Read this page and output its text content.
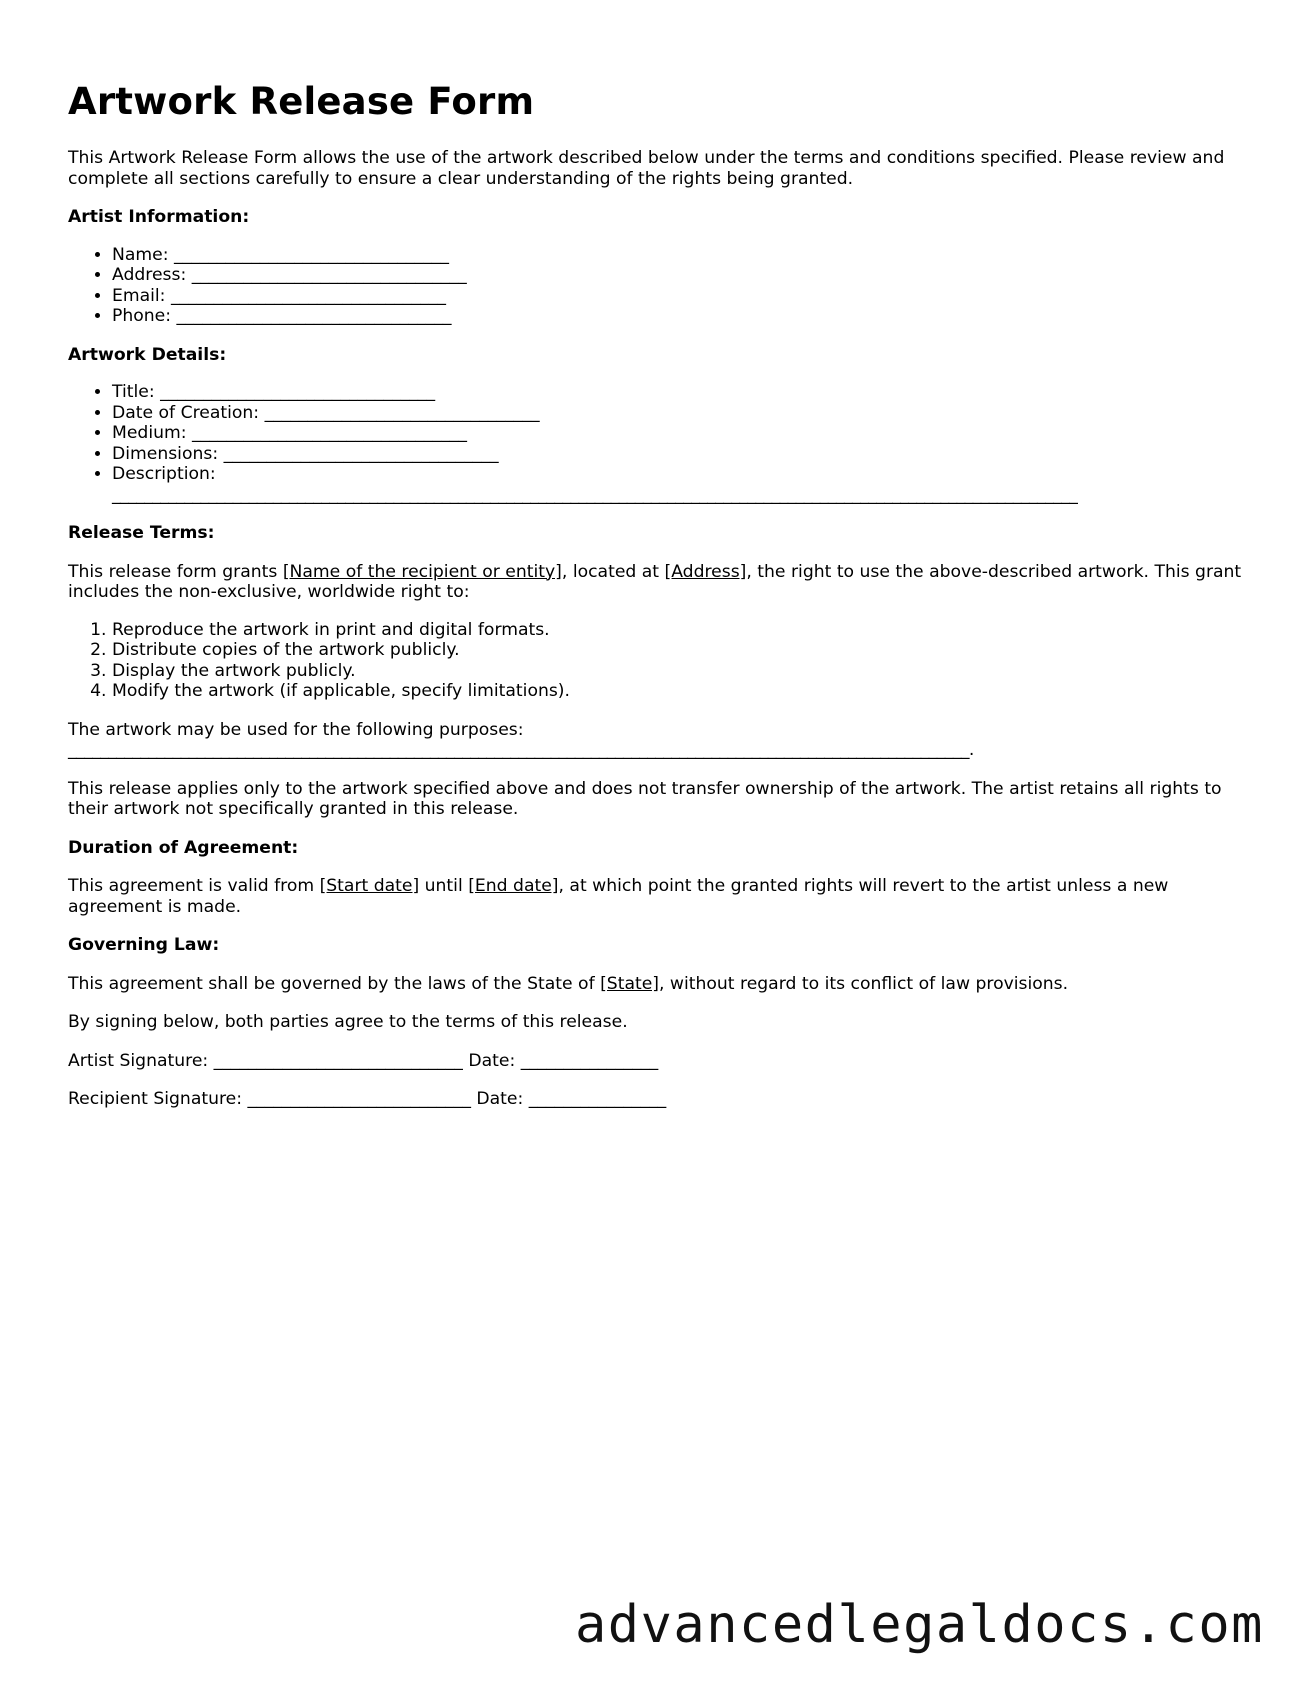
Artwork Release Form

This Artwork Release Form allows the use of the artwork described below under the terms and conditions specified. Please review and complete all sections carefully to ensure a clear understanding of the rights being granted.

Artist Information:

• Name: ________________________________
• Address: ________________________________
• Email: ________________________________
• Phone: ________________________________

Artwork Details:

• Title: ________________________________
• Date of Creation: ________________________________
• Medium: ________________________________
• Dimensions: ________________________________
• Description:
________________________________________________________________________________________________________________________

Release Terms:

This release form grants [Name of the recipient or entity], located at [Address], the right to use the above-described artwork. This grant includes the non-exclusive, worldwide right to:

1. Reproduce the artwork in print and digital formats.
2. Distribute copies of the artwork publicly.
3. Display the artwork publicly.
4. Modify the artwork (if applicable, specify limitations).

The artwork may be used for the following purposes:
________________________________________________________________________________________________________________.

This release applies only to the artwork specified above and does not transfer ownership of the artwork. The artist retains all rights to their artwork not specifically granted in this release.

Duration of Agreement:

This agreement is valid from [Start date] until [End date], at which point the granted rights will revert to the artist unless a new agreement is made.

Governing Law:

This agreement shall be governed by the laws of the State of [State], without regard to its conflict of law provisions.

By signing below, both parties agree to the terms of this release.

Artist Signature: _____________________________ Date: ________________

Recipient Signature: __________________________ Date: ________________

advancedlegaldocs.com
